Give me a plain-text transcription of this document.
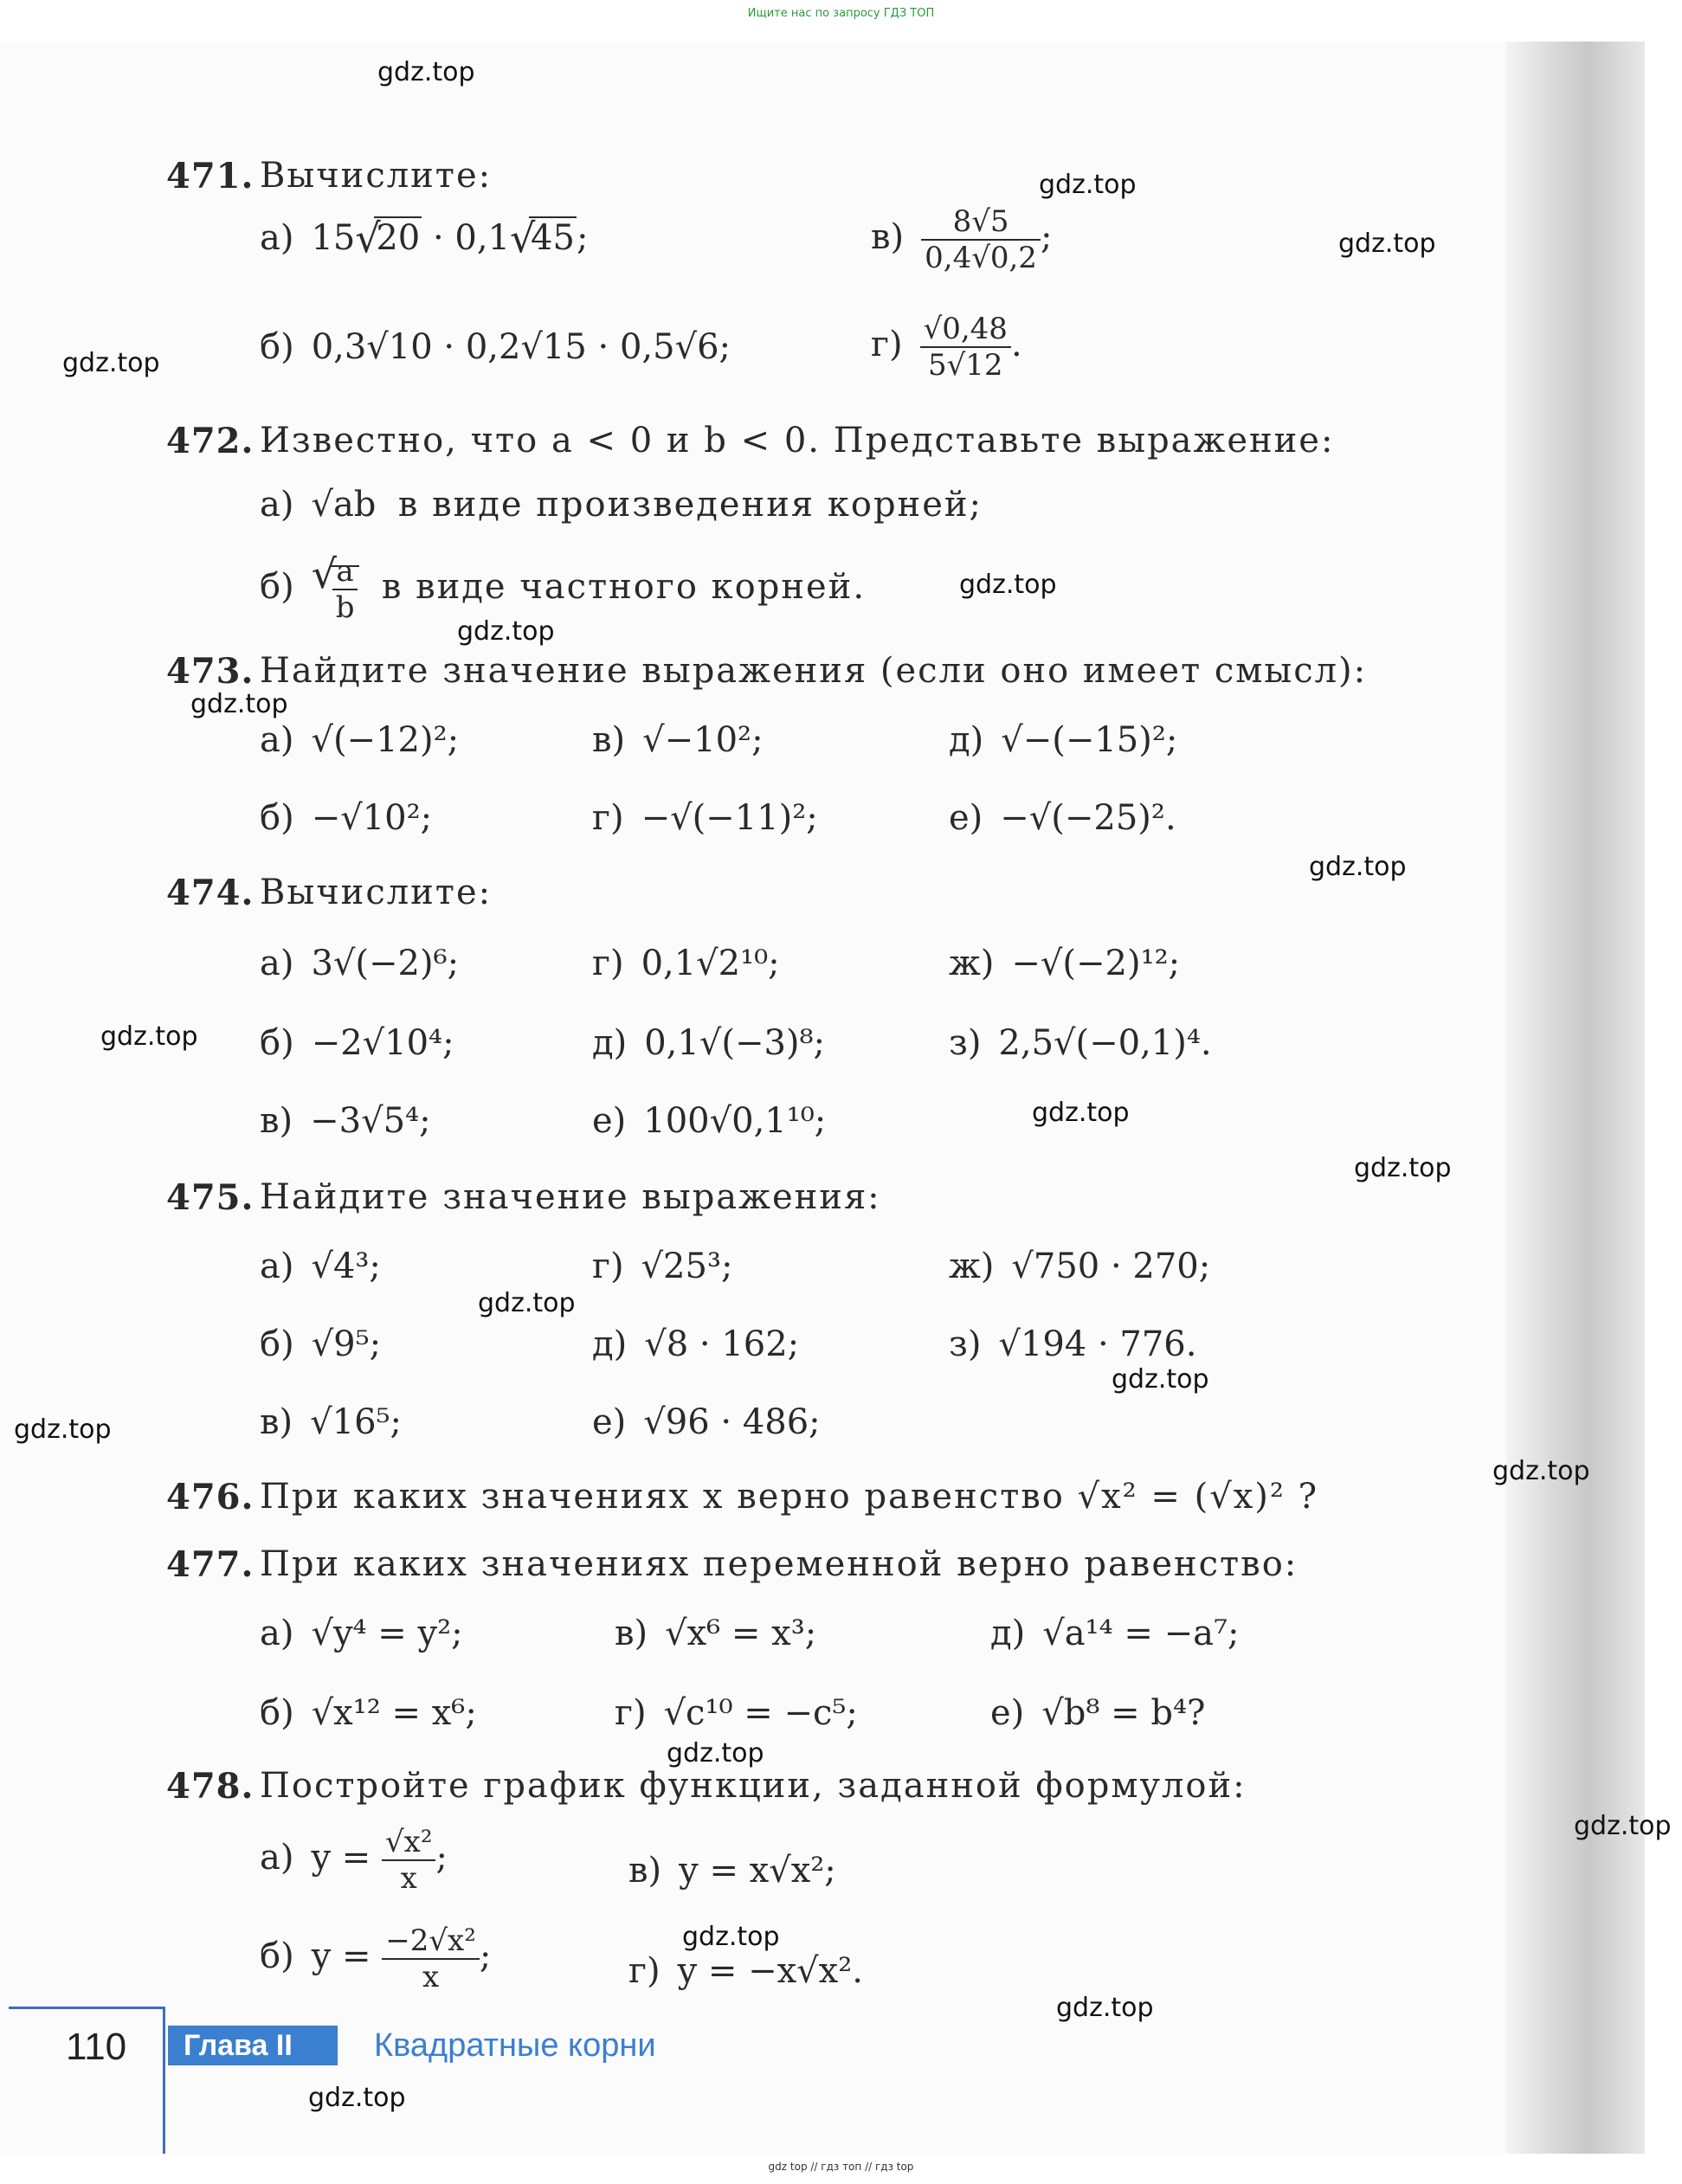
Ищите нас по запросу ГДЗ ТОП
gdz.top
gdz.top
gdz.top
gdz.top
gdz.top
gdz.top
gdz.top
gdz.top
gdz.top
gdz.top
gdz.top
gdz.top
gdz.top
gdz.top
gdz.top
gdz.top
gdz.top
gdz.top
gdz.top
gdz.top
471. Вычислите:
а) 15 √ 20 · 0,1 √ 45;	$в) \frac{8√5}{0,4√0,2}$ ;
б) 0,3√10 · 0,2√15 · 0,5√6;	$г) \frac{√0,48}{5√12}$ .
472. Известно, что a < 0 и b < 0. Представьте выражение:
а) √ab в виде произведения корней;
б) √ $\frac{a}{b}$ в виде частного корней.
473. Найдите значение выражения (если оно имеет смысл):
а) √(−12)²;	в) √−10²;	д) √−(−15)²;
б) −√10²;	г) −√(−11)²;	е) −√(−25)².
474. Вычислите:
а) 3√(−2)⁶;	г) 0,1√2¹⁰;	ж) −√(−2)¹²;
б) −2√10⁴;	д) 0,1√(−3)⁸;	з) 2,5√(−0,1)⁴.
в) −3√5⁴;	е) 100√0,1¹⁰;
475. Найдите значение выражения:
а) √4³;	г) √25³;	ж) √750 · 270;
б) √9⁵;	д) √8 · 162;	з) √194 · 776.
в) √16⁵;	е) √96 · 486;
476. При каких значениях x верно равенство √x² = (√x)² ?
477. При каких значениях переменной верно равенство:
а) √y⁴ = y²;	в) √x⁶ = x³;	д) √a¹⁴ = −a⁷;
б) √x¹² = x⁶;	г) √c¹⁰ = −c⁵;	е) √b⁸ = b⁴?
478. Постройте график функции, заданной формулой:
а) $y = \frac{\text{√x²}}{x}$ ;	в) y = x√x²;
б) $y = \frac{\text{−2√x²}}{x}$ ;	г) y = −x√x².
110	Глава II	Квадратные корни
gdz top // гдз топ // гдз top
